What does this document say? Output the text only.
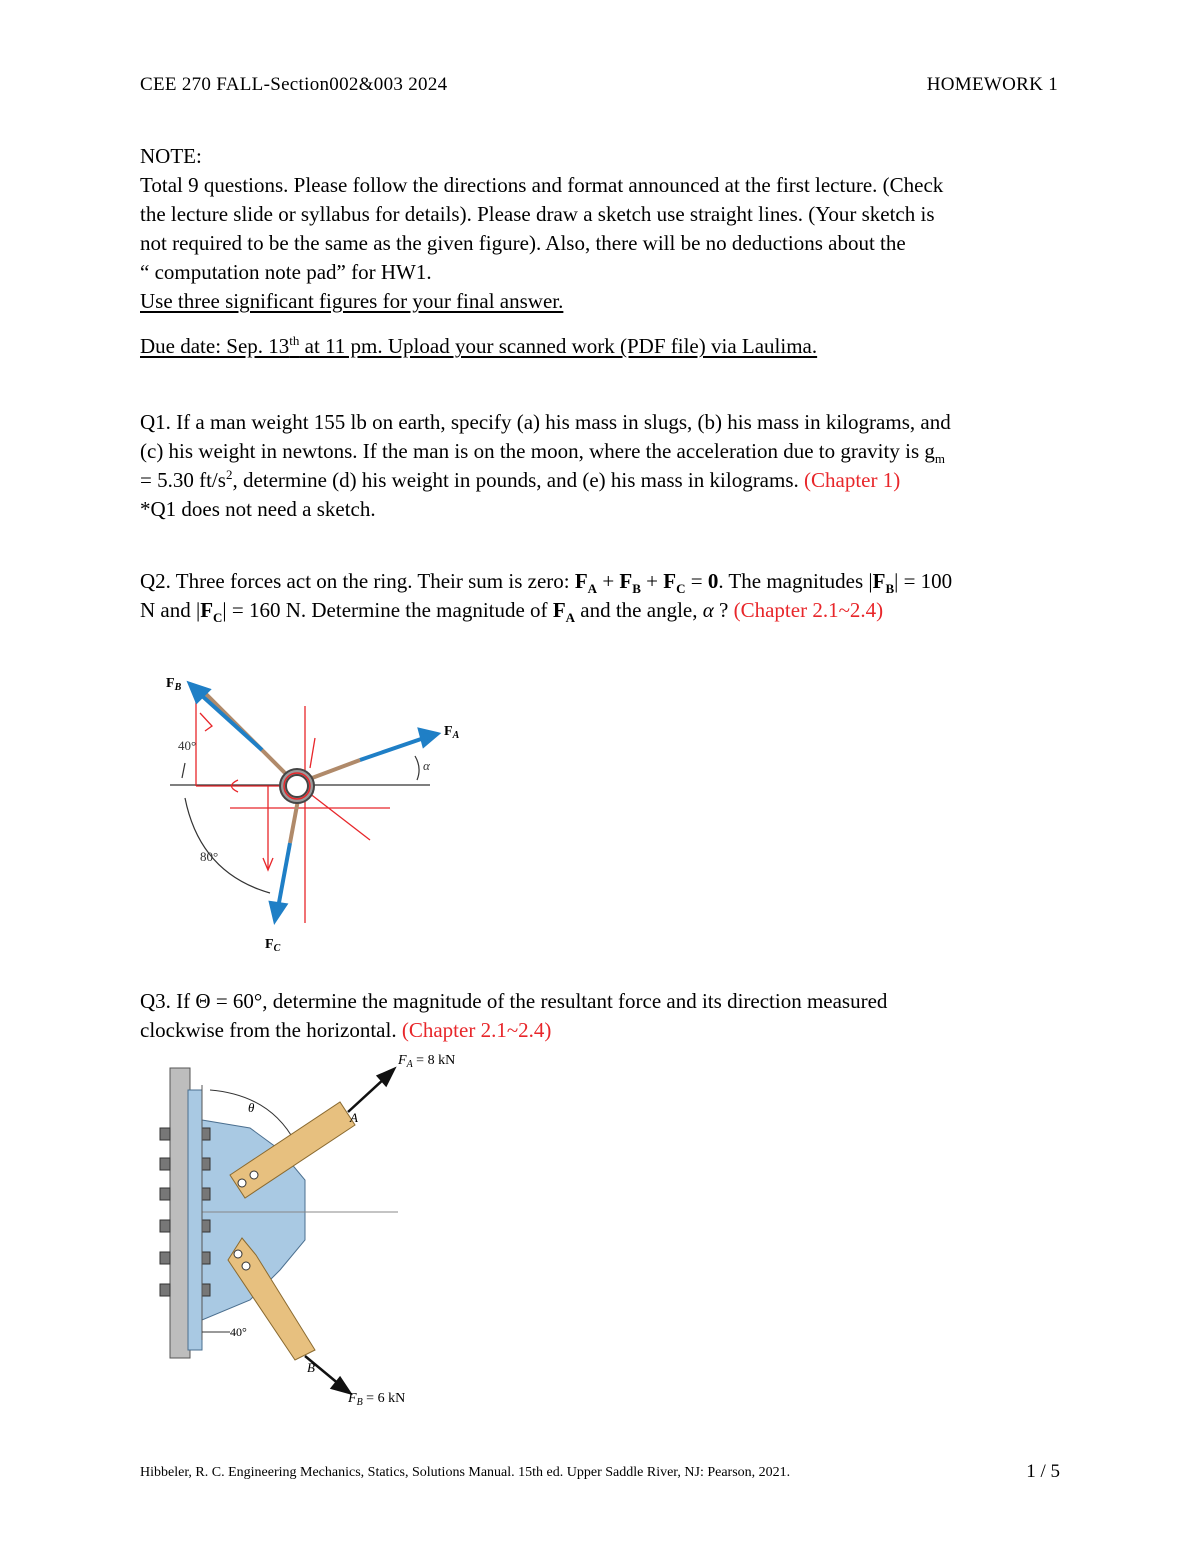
CEE 270 FALL-Section002&003 2024	HOMEWORK 1
NOTE:
Total 9 questions. Please follow the directions and format announced at the first lecture. (Check
the lecture slide or syllabus for details). Please draw a sketch use straight lines. (Your sketch is
not required to be the same as the given figure). Also, there will be no deductions about the
“ computation note pad” for HW1.
Use three significant figures for your final answer.
Due date: Sep. 13th at 11 pm. Upload your scanned work (PDF file) via Laulima.
Q1. If a man weight 155 lb on earth, specify (a) his mass in slugs, (b) his mass in kilograms, and
(c) his weight in newtons. If the man is on the moon, where the acceleration due to gravity is $g_m$
= 5.30 $ft/s^2$, determine (d) his weight in pounds, and (e) his mass in kilograms. (Chapter 1)
*Q1 does not need a sketch.
Q2. Three forces act on the ring. Their sum is zero: $F_A + F_B + F_C = 0$. The magnitudes $|F_B| = 100$
N and $|F_C| = 160$ N. Determine the magnitude of $F_A$ and the angle, α ? (Chapter 2.1~2.4)
$F_B$
$F_A$
$F_C$
40°
80°
α
Q3. If Θ = 60°, determine the magnitude of the resultant force and its direction measured
clockwise from the horizontal. (Chapter 2.1~2.4)
$F_A = 8$ kN
A
B
$F_B = 6$ kN
θ
40°
Hibbeler, R. C. Engineering Mechanics, Statics, Solutions Manual. 15th ed. Upper Saddle River, NJ: Pearson, 2021.	1 / 5
